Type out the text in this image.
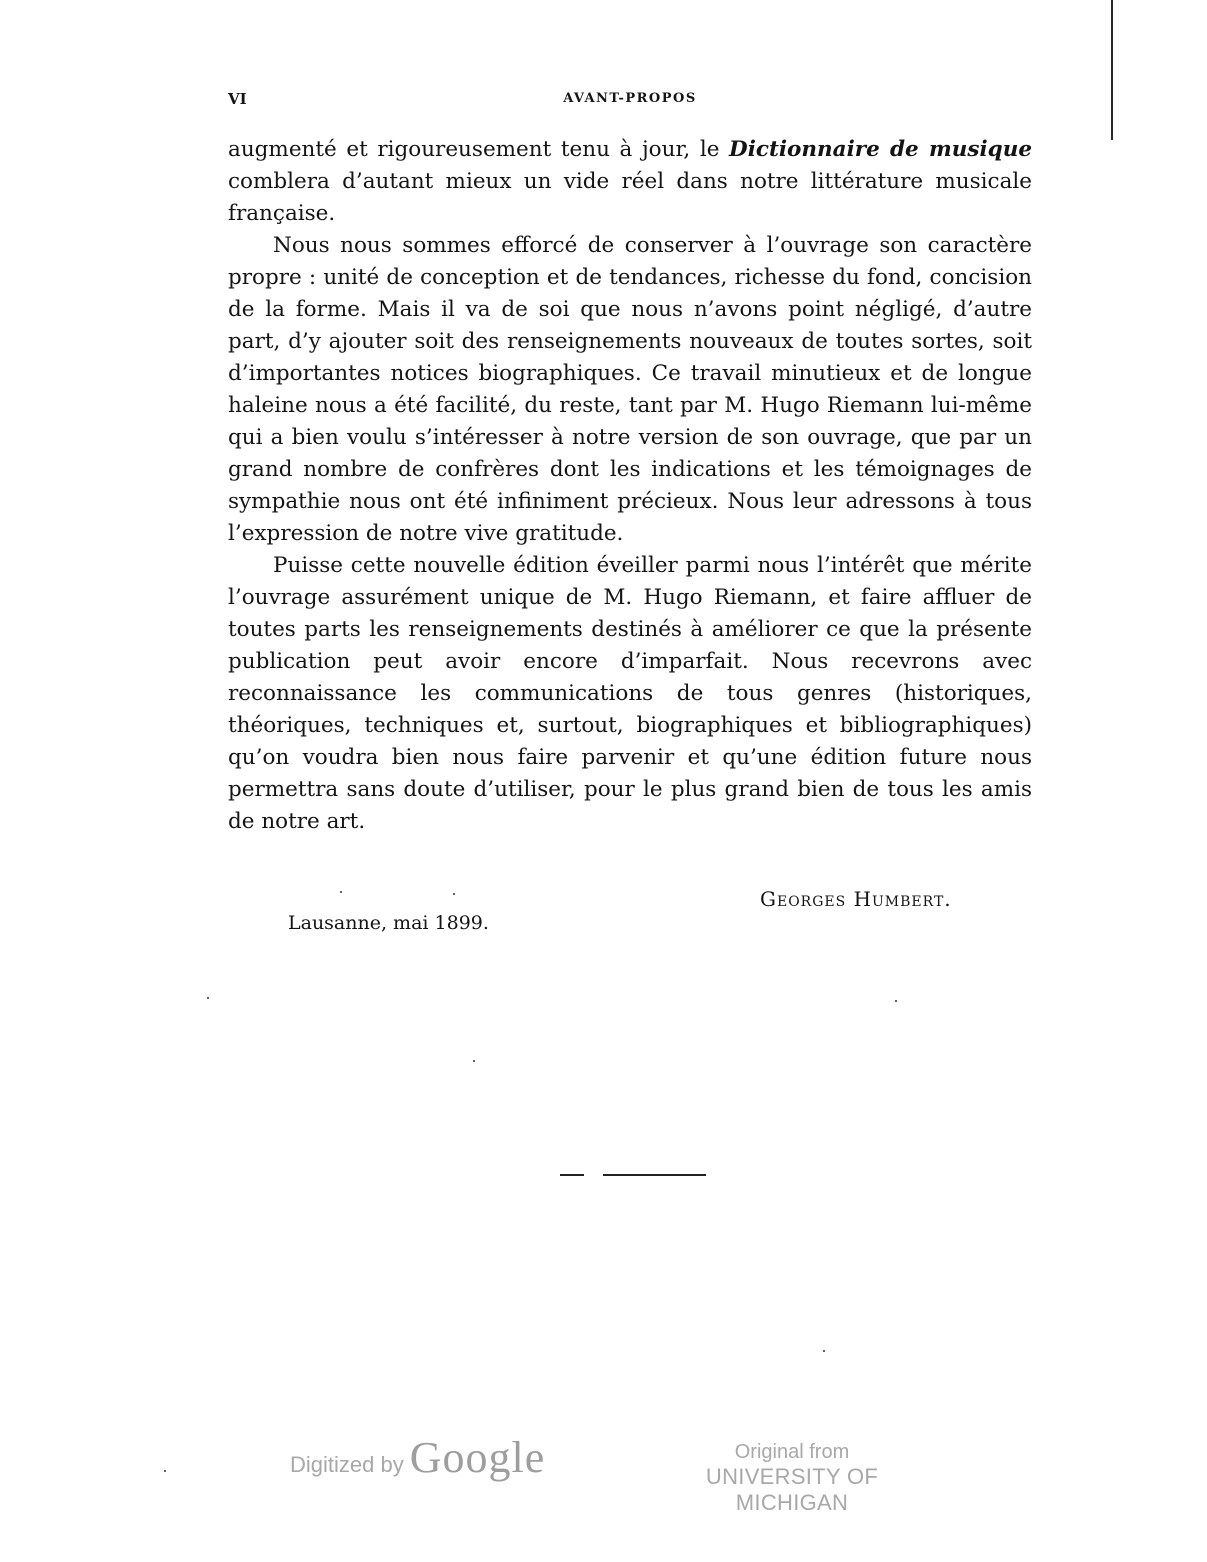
VI	AVANT-PROPOS

augmenté et rigoureusement tenu à jour, le Dictionnaire de musique comblera d’autant mieux un vide réel dans notre littérature musicale française.

Nous nous sommes efforcé de conserver à l’ouvrage son caractère propre : unité de conception et de tendances, richesse du fond, concision de la forme. Mais il va de soi que nous n’avons point négligé, d’autre part, d’y ajouter soit des renseignements nouveaux de toutes sortes, soit d’importantes notices biographiques. Ce travail minutieux et de longue haleine nous a été facilité, du reste, tant par M. Hugo Riemann lui-même qui a bien voulu s’intéresser à notre version de son ouvrage, que par un grand nombre de confrères dont les indications et les témoignages de sympathie nous ont été infiniment précieux. Nous leur adressons à tous l’expression de notre vive gratitude.

Puisse cette nouvelle édition éveiller parmi nous l’intérêt que mérite l’ouvrage assurément unique de M. Hugo Riemann, et faire affluer de toutes parts les renseignements destinés à améliorer ce que la présente publication peut avoir encore d’imparfait. Nous recevrons avec reconnaissance les communications de tous genres (historiques, théoriques, techniques et, surtout, biographiques et bibliographiques) qu’on voudra bien nous faire parvenir et qu’une édition future nous permettra sans doute d’utiliser, pour le plus grand bien de tous les amis de notre art.

Georges Humbert.
Lausanne, mai 1899.
Digitized by Google	Original from
UNIVERSITY OF MICHIGAN
